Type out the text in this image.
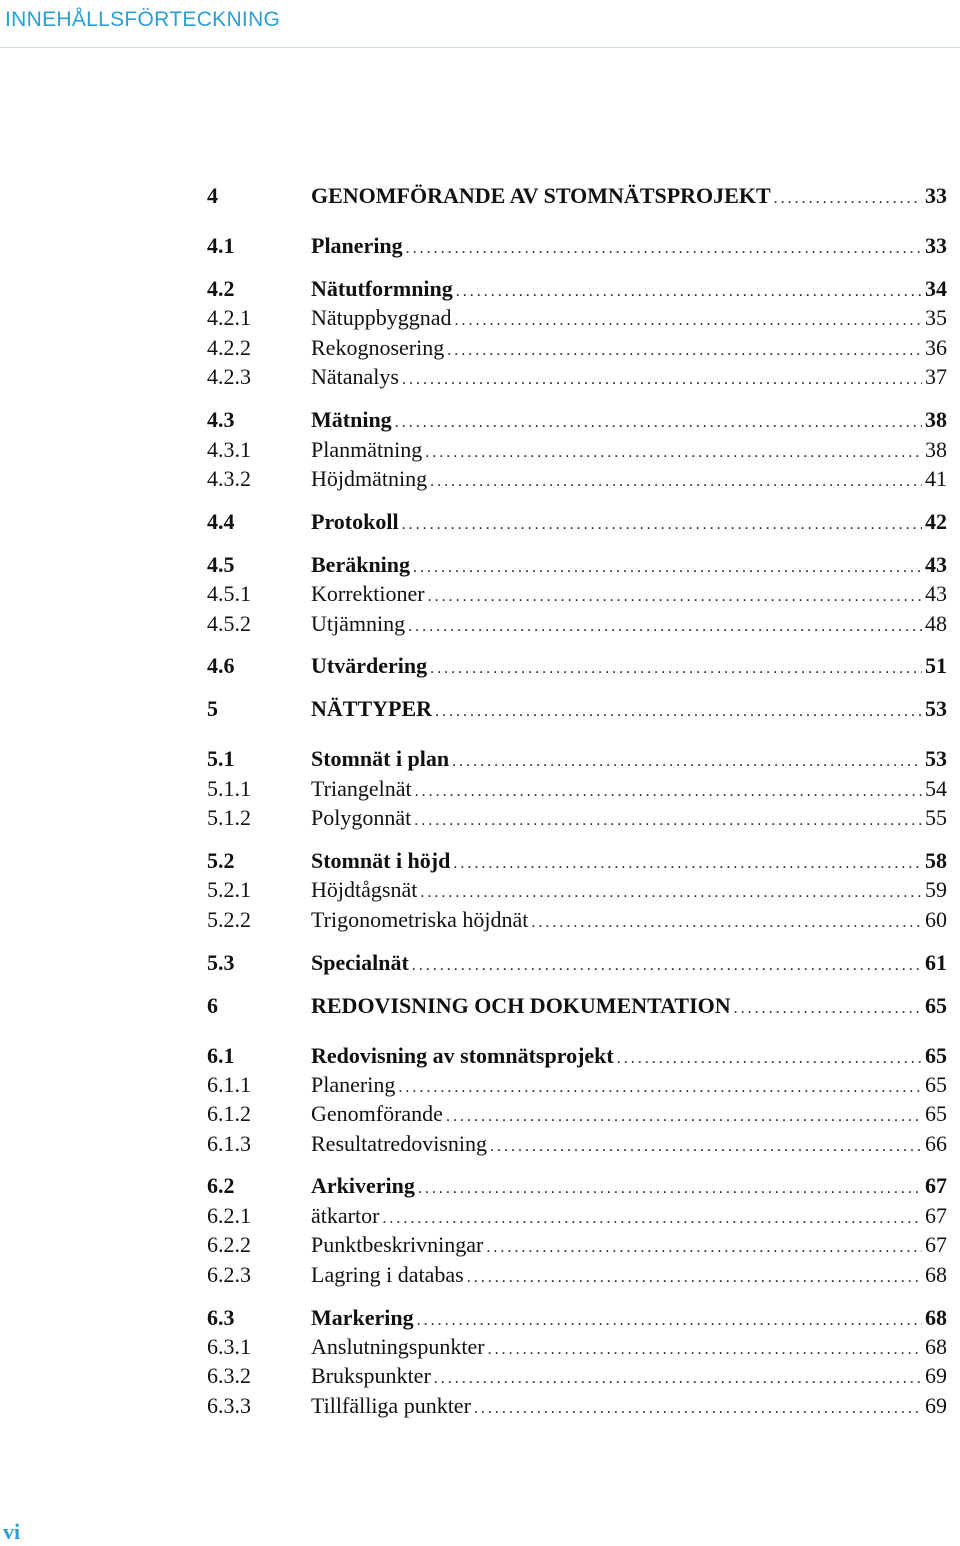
INNEHÅLLSFÖRTECKNING
4	GENOMFÖRANDE AV STOMNÄTSPROJEKT . . .	33
4.1	Planering . . .	33
4.2	Nätutformning . . .	34
4.2.1	Nätuppbyggnad . . .	35
4.2.2	Rekognosering . . .	36
4.2.3	Nätanalys . . .	37
4.3	Mätning . . .	38
4.3.1	Planmätning . . .	38
4.3.2	Höjdmätning . . .	41
4.4	Protokoll . . .	42
4.5	Beräkning . . .	43
4.5.1	Korrektioner . . .	43
4.5.2	Utjämning . . .	48
4.6	Utvärdering . . .	51
5	NÄTTYPER . . .	53
5.1	Stomnät i plan . . .	53
5.1.1	Triangelnät . . .	54
5.1.2	Polygonnät . . .	55
5.2	Stomnät i höjd . . .	58
5.2.1	Höjdtågsnät . . .	59
5.2.2	Trigonometriska höjdnät . . .	60
5.3	Specialnät . . .	61
6	REDOVISNING OCH DOKUMENTATION . . .	65
6.1	Redovisning av stomnätsprojekt . . .	65
6.1.1	Planering . . .	65
6.1.2	Genomförande . . .	65
6.1.3	Resultatredovisning . . .	66
6.2	Arkivering . . .	67
6.2.1	ätkartor . . .	67
6.2.2	Punktbeskrivningar . . .	67
6.2.3	Lagring i databas . . .	68
6.3	Markering . . .	68
6.3.1	Anslutningspunkter . . .	68
6.3.2	Brukspunkter . . .	69
6.3.3	Tillfälliga punkter . . .	69
vi
